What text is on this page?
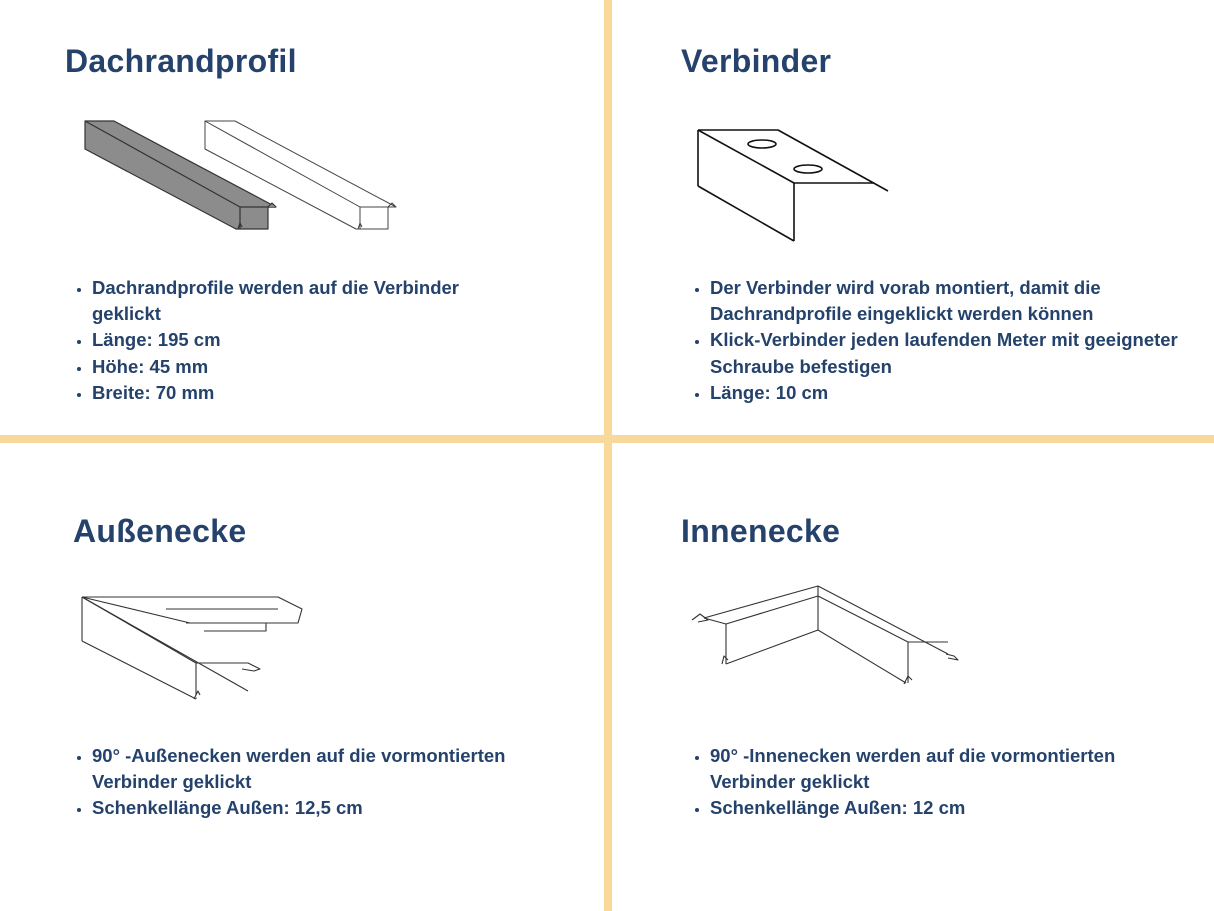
Dachrandprofil
• Dachrandprofile werden auf die Verbinder geklickt
• Länge: 195 cm
• Höhe: 45 mm
• Breite: 70 mm
Verbinder
• Der Verbinder wird vorab montiert, damit die Dachrandprofile eingeklickt werden können
• Klick-Verbinder jeden laufenden Meter mit geeigneter Schraube befestigen
• Länge: 10 cm
Außenecke
• 90° -Außenecken werden auf die vormontierten Verbinder geklickt
• Schenkellänge Außen: 12,5 cm
Innenecke
• 90° -Innenecken werden auf die vormontierten Verbinder geklickt
• Schenkellänge Außen: 12 cm
